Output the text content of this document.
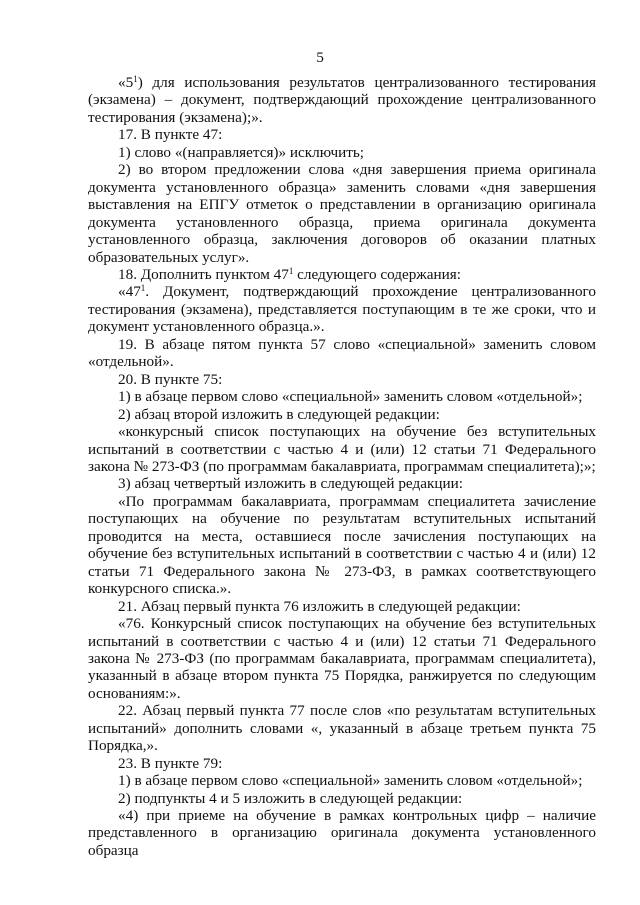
5

«$5^1$) для использования результатов централизованного тестирования (экзамена) – документ, подтверждающий прохождение централизованного тестирования (экзамена);».

17. В пункте 47:

1) слово «(направляется)» исключить;

2) во втором предложении слова «дня завершения приема оригинала документа установленного образца» заменить словами «дня завершения выставления на ЕПГУ отметок о представлении в организацию оригинала документа установленного образца, приема оригинала документа установленного образца, заключения договоров об оказании платных образовательных услуг».

18. Дополнить пунктом $47^1$ следующего содержания:

«$47^1$. Документ, подтверждающий прохождение централизованного тестирования (экзамена), представляется поступающим в те же сроки, что и документ установленного образца.».

19. В абзаце пятом пункта 57 слово «специальной» заменить словом «отдельной».

20. В пункте 75:

1) в абзаце первом слово «специальной» заменить словом «отдельной»;

2) абзац второй изложить в следующей редакции:

«конкурсный список поступающих на обучение без вступительных испытаний в соответствии с частью 4 и (или) 12 статьи 71 Федерального закона № 273-ФЗ (по программам бакалавриата, программам специалитета);»;

3) абзац четвертый изложить в следующей редакции:

«По программам бакалавриата, программам специалитета зачисление поступающих на обучение по результатам вступительных испытаний проводится на места, оставшиеся после зачисления поступающих на обучение без вступительных испытаний в соответствии с частью 4 и (или) 12 статьи 71 Федерального закона № 273-ФЗ, в рамках соответствующего конкурсного списка.».

21. Абзац первый пункта 76 изложить в следующей редакции:

«76. Конкурсный список поступающих на обучение без вступительных испытаний в соответствии с частью 4 и (или) 12 статьи 71 Федерального закона № 273-ФЗ (по программам бакалавриата, программам специалитета), указанный в абзаце втором пункта 75 Порядка, ранжируется по следующим основаниям:».

22. Абзац первый пункта 77 после слов «по результатам вступительных испытаний» дополнить словами «, указанный в абзаце третьем пункта 75 Порядка,».

23. В пункте 79:

1) в абзаце первом слово «специальной» заменить словом «отдельной»;

2) подпункты 4 и 5 изложить в следующей редакции:

«4) при приеме на обучение в рамках контрольных цифр – наличие представленного в организацию оригинала документа установленного образца
